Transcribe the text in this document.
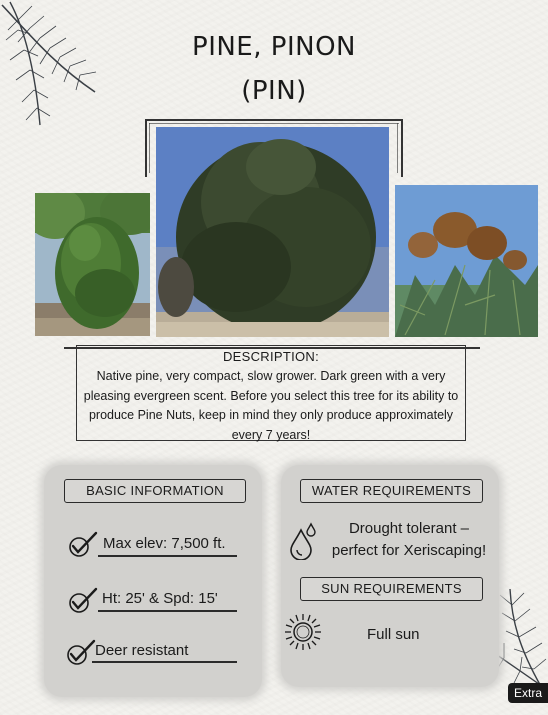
PINE, PINON
(PIN)
DESCRIPTION:
Native pine, very compact, slow grower. Dark green with a very pleasing evergreen scent. Before you select this tree for its ability to produce Pine Nuts, keep in mind they only produce approximately every 7 years!
BASIC INFORMATION
Max elev: 7,500 ft.
Ht: 25' & Spd: 15'
Deer resistant
WATER REQUIREMENTS
Drought tolerant –
perfect for Xeriscaping!
SUN REQUIREMENTS
Full sun
Extra
